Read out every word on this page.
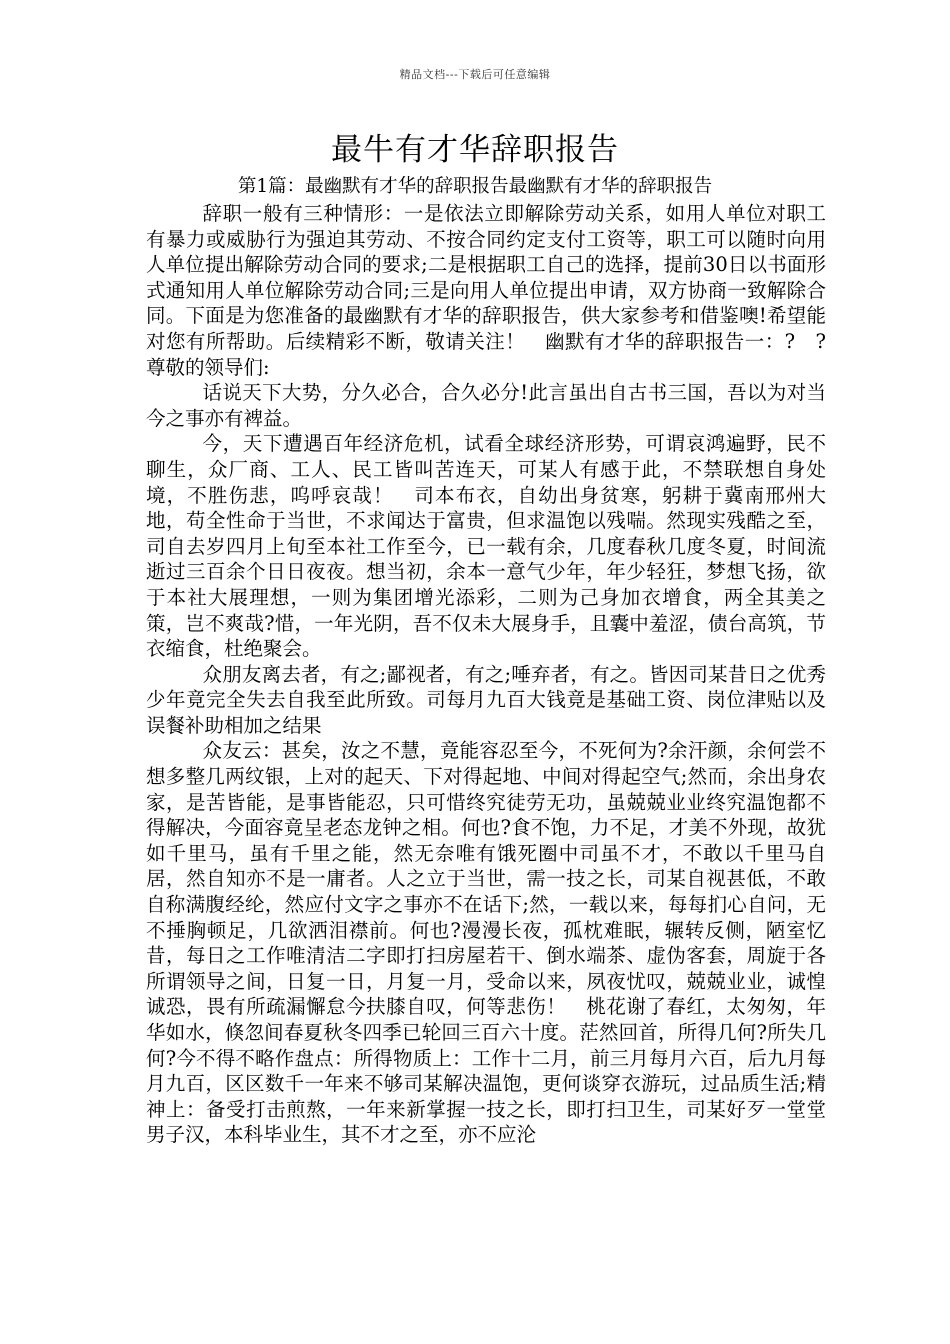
精品文档---下载后可任意编辑
最牛有才华辞职报告
第1篇：最幽默有才华的辞职报告最幽默有才华的辞职报告

辞职一般有三种情形：一是依法立即解除劳动关系，如用人单位对职工有暴力或威胁行为强迫其劳动、不按合同约定支付工资等，职工可以随时向用人单位提出解除劳动合同的要求;二是根据职工自己的选择，提前30日以书面形式通知用人单位解除劳动合同;三是向用人单位提出申请，双方协商一致解除合同。下面是为您准备的最幽默有才华的辞职报告，供大家参考和借鉴噢!希望能对您有所帮助。后续精彩不断，敬请关注！　幽默有才华的辞职报告一：?　?尊敬的领导们:

话说天下大势，分久必合，合久必分!此言虽出自古书三国，吾以为对当今之事亦有裨益。

今，天下遭遇百年经济危机，试看全球经济形势，可谓哀鸿遍野，民不聊生，众厂商、工人、民工皆叫苦连天，可某人有感于此，不禁联想自身处境，不胜伤悲，呜呼哀哉！　司本布衣，自幼出身贫寒，躬耕于冀南邢州大地，苟全性命于当世，不求闻达于富贵，但求温饱以残喘。然现实残酷之至，司自去岁四月上旬至本社工作至今，已一载有余，几度春秋几度冬夏，时间流逝过三百余个日日夜夜。想当初，余本一意气少年，年少轻狂，梦想飞扬，欲于本社大展理想，一则为集团增光添彩，二则为己身加衣增食，两全其美之策，岂不爽哉?惜，一年光阴，吾不仅未大展身手，且囊中羞涩，债台高筑，节衣缩食，杜绝聚会。

众朋友离去者，有之;鄙视者，有之;唾弃者，有之。皆因司某昔日之优秀少年竟完全失去自我至此所致。司每月九百大钱竟是基础工资、岗位津贴以及误餐补助相加之结果

众友云：甚矣，汝之不慧，竟能容忍至今，不死何为?余汗颜，余何尝不想多整几两纹银，上对的起天、下对得起地、中间对得起空气;然而，余出身农家，是苦皆能，是事皆能忍，只可惜终究徒劳无功，虽兢兢业业终究温饱都不得解决，今面容竟呈老态龙钟之相。何也?食不饱，力不足，才美不外现，故犹如千里马，虽有千里之能，然无奈唯有饿死圈中司虽不才，不敢以千里马自居，然自知亦不是一庸者。人之立于当世，需一技之长，司某自视甚低，不敢自称满腹经纶，然应付文字之事亦不在话下;然，一载以来，每每扪心自问，无不捶胸顿足，几欲洒泪襟前。何也?漫漫长夜，孤枕难眠，辗转反侧，陋室忆昔，每日之工作唯清洁二字即打扫房屋若干、倒水端茶、虚伪客套，周旋于各所谓领导之间，日复一日，月复一月，受命以来，夙夜忧叹，兢兢业业，诚惶诚恐，畏有所疏漏懈怠今扶膝自叹，何等悲伤！　桃花谢了春红，太匆匆，年华如水，倏忽间春夏秋冬四季已轮回三百六十度。茫然回首，所得几何?所失几何?今不得不略作盘点：所得物质上：工作十二月，前三月每月六百，后九月每月九百，区区数千一年来不够司某解决温饱，更何谈穿衣游玩，过品质生活;精神上：备受打击煎熬，一年来新掌握一技之长，即打扫卫生，司某好歹一堂堂男子汉，本科毕业生，其不才之至，亦不应沦
